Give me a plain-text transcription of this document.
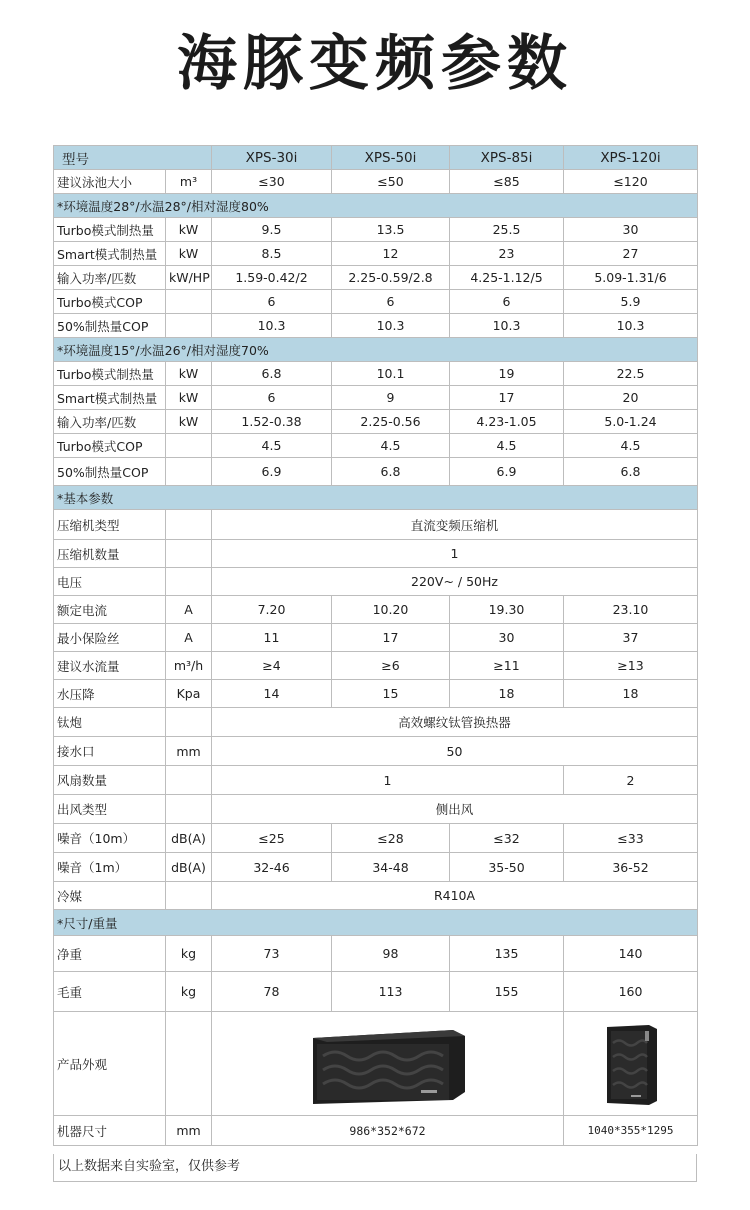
海豚变频参数
型号		XPS-30i	XPS-50i	XPS-85i	XPS-120i
建议泳池大小	m³	≤30	≤50	≤85	≤120
*环境温度28°/水温28°/相对湿度80%					
Turbo模式制热量	kW	9.5	13.5	25.5	30
Smart模式制热量	kW	8.5	12	23	27
输入功率/匹数	kW/HP	1.59-0.42/2	2.25-0.59/2.8	4.25-1.12/5	5.09-1.31/6
Turbo模式COP		6	6	6	5.9
50%制热量COP		10.3	10.3	10.3	10.3
*环境温度15°/水温26°/相对湿度70%					
Turbo模式制热量	kW	6.8	10.1	19	22.5
Smart模式制热量	kW	6	9	17	20
输入功率/匹数	kW	1.52-0.38	2.25-0.56	4.23-1.05	5.0-1.24
Turbo模式COP		4.5	4.5	4.5	4.5
50%制热量COP		6.9	6.8	6.9	6.8
*基本参数					
压缩机类型		直流变频压缩机			
压缩机数量		1			
电压		220V~ / 50Hz			
额定电流	A	7.20	10.20	19.30	23.10
最小保险丝	A	11	17	30	37
建议水流量	m³/h	≥4	≥6	≥11	≥13
水压降	Kpa	14	15	18	18
钛炮		高效螺纹钛管换热器			
接水口	mm	50			
风扇数量		1			2
出风类型		侧出风			
噪音（10m）	dB(A)	≤25	≤28	≤32	≤33
噪音（1m）	dB(A)	32-46	34-48	35-50	36-52
冷媒		R410A			
*尺寸/重量					
净重	kg	73	98	135	140
毛重	kg	78	113	155	160
产品外观		

机器尺寸	mm	986*352*672			1040*355*1295
以上数据来自实验室，仅供参考
